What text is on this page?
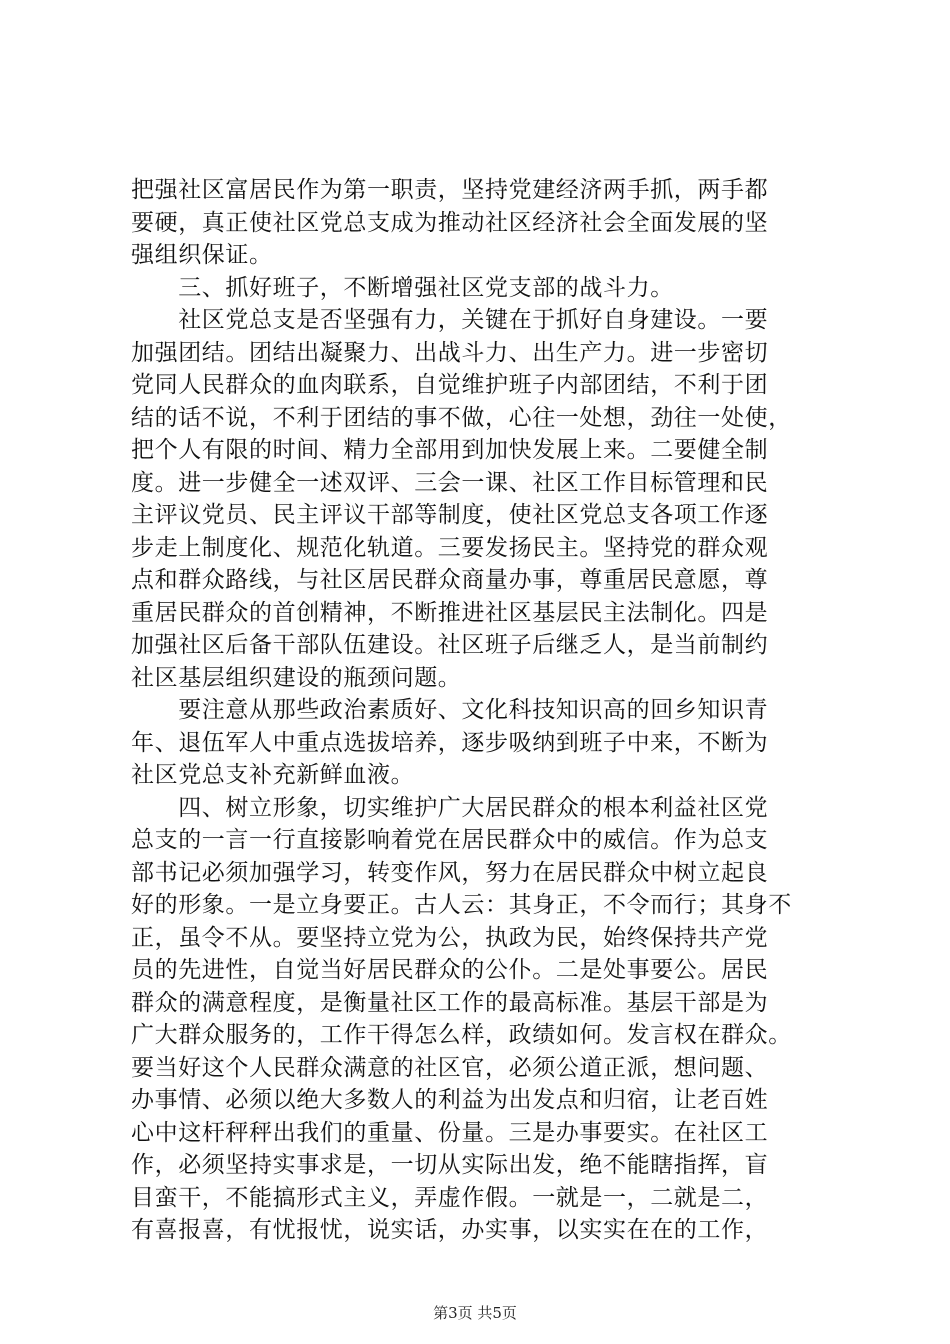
把强社区富居民作为第一职责，坚持党建经济两手抓，两手都
要硬，真正使社区党总支成为推动社区经济社会全面发展的坚
强组织保证。
　　三、抓好班子，不断增强社区党支部的战斗力。
　　社区党总支是否坚强有力，关键在于抓好自身建设。一要
加强团结。团结出凝聚力、出战斗力、出生产力。进一步密切
党同人民群众的血肉联系，自觉维护班子内部团结，不利于团
结的话不说，不利于团结的事不做，心往一处想，劲往一处使，
把个人有限的时间、精力全部用到加快发展上来。二要健全制
度。进一步健全一述双评、三会一课、社区工作目标管理和民
主评议党员、民主评议干部等制度，使社区党总支各项工作逐
步走上制度化、规范化轨道。三要发扬民主。坚持党的群众观
点和群众路线，与社区居民群众商量办事，尊重居民意愿，尊
重居民群众的首创精神，不断推进社区基层民主法制化。四是
加强社区后备干部队伍建设。社区班子后继乏人，是当前制约
社区基层组织建设的瓶颈问题。
　　要注意从那些政治素质好、文化科技知识高的回乡知识青
年、退伍军人中重点选拔培养，逐步吸纳到班子中来，不断为
社区党总支补充新鲜血液。
　　四、树立形象，切实维护广大居民群众的根本利益社区党
总支的一言一行直接影响着党在居民群众中的威信。作为总支
部书记必须加强学习，转变作风，努力在居民群众中树立起良
好的形象。一是立身要正。古人云：其身正，不令而行；其身不
正，虽令不从。要坚持立党为公，执政为民，始终保持共产党
员的先进性，自觉当好居民群众的公仆。二是处事要公。居民
群众的满意程度，是衡量社区工作的最高标准。基层干部是为
广大群众服务的，工作干得怎么样，政绩如何。发言权在群众。
要当好这个人民群众满意的社区官，必须公道正派，想问题、
办事情、必须以绝大多数人的利益为出发点和归宿，让老百姓
心中这杆秤秤出我们的重量、份量。三是办事要实。在社区工
作，必须坚持实事求是，一切从实际出发，绝不能瞎指挥，盲
目蛮干，不能搞形式主义，弄虚作假。一就是一，二就是二，
有喜报喜，有忧报忧，说实话，办实事，以实实在在的工作，
第3页 共5页
